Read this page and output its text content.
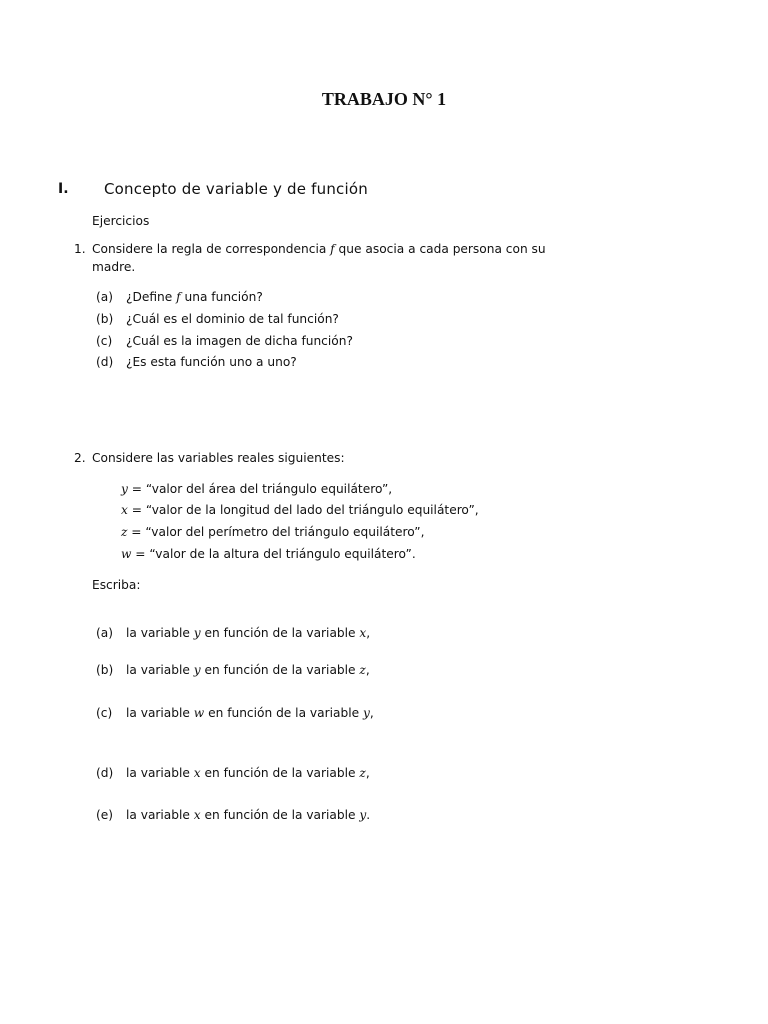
TRABAJO N° 1
I. Concepto de variable y de función
Ejercicios
1. Considere la regla de correspondencia f que asocia a cada persona con su
madre.
(a) ¿Define f una función?
(b) ¿Cuál es el dominio de tal función?
(c) ¿Cuál es la imagen de dicha función?
(d) ¿Es esta función uno a uno?
2. Considere las variables reales siguientes:
y = “valor del área del triángulo equilátero”,
x = “valor de la longitud del lado del triángulo equilátero”,
z = “valor del perímetro del triángulo equilátero”,
w = “valor de la altura del triángulo equilátero”.
Escriba:
(a) la variable y en función de la variable x,
(b) la variable y en función de la variable z,
(c) la variable w en función de la variable y,
(d) la variable x en función de la variable z,
(e) la variable x en función de la variable y.
